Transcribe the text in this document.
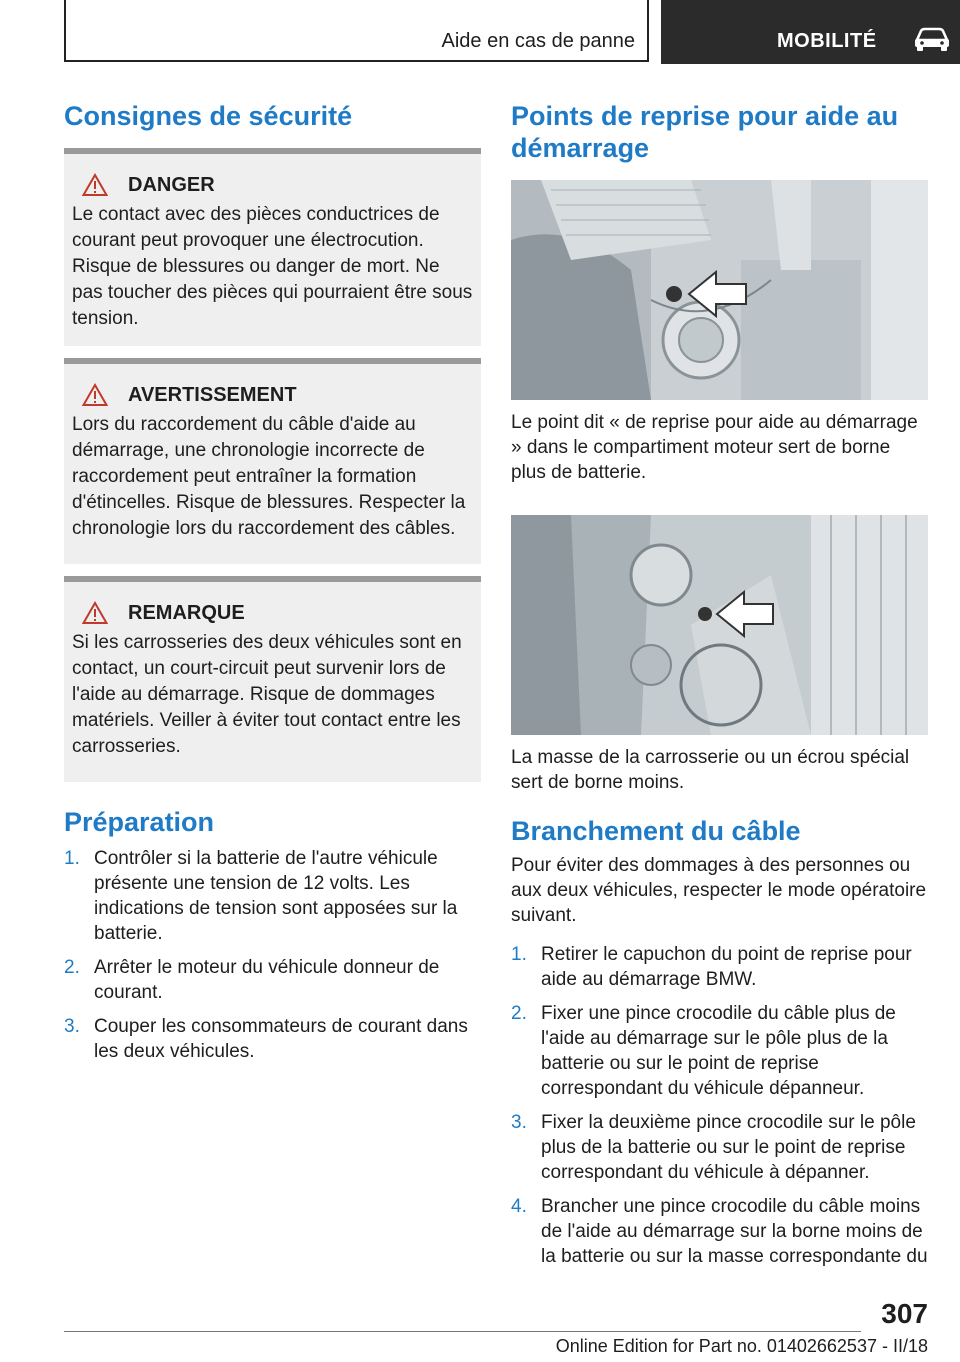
Aide en cas de panne	MOBILITÉ
Consignes de sécurité
DANGER
Le contact avec des pièces conductrices de courant peut provoquer une électrocution. Risque de blessures ou danger de mort. Ne pas toucher des pièces qui pourraient être sous tension.
AVERTISSEMENT
Lors du raccordement du câble d'aide au démarrage, une chronologie incorrecte de raccordement peut entraîner la formation d'étincelles. Risque de blessures. Respecter la chronologie lors du raccordement des câbles.
REMARQUE
Si les carrosseries des deux véhicules sont en contact, un court-circuit peut survenir lors de l'aide au démarrage. Risque de dommages matériels. Veiller à éviter tout contact entre les carrosseries.
Préparation
1. Contrôler si la batterie de l'autre véhicule présente une tension de 12 volts. Les indications de tension sont apposées sur la batterie.
2. Arrêter le moteur du véhicule donneur de courant.
3. Couper les consommateurs de courant dans les deux véhicules.
Points de reprise pour aide au démarrage
Le point dit « de reprise pour aide au démarrage » dans le compartiment moteur sert de borne plus de batterie.
La masse de la carrosserie ou un écrou spécial sert de borne moins.
Branchement du câble
Pour éviter des dommages à des personnes ou aux deux véhicules, respecter le mode opératoire suivant.
1. Retirer le capuchon du point de reprise pour aide au démarrage BMW.
2. Fixer une pince crocodile du câble plus de l'aide au démarrage sur le pôle plus de la batterie ou sur le point de reprise correspondant du véhicule dépanneur.
3. Fixer la deuxième pince crocodile sur le pôle plus de la batterie ou sur le point de reprise correspondant du véhicule à dépanner.
4. Brancher une pince crocodile du câble moins de l'aide au démarrage sur la borne moins de la batterie ou sur la masse correspondante du
307
Online Edition for Part no. 01402662537 - II/18
